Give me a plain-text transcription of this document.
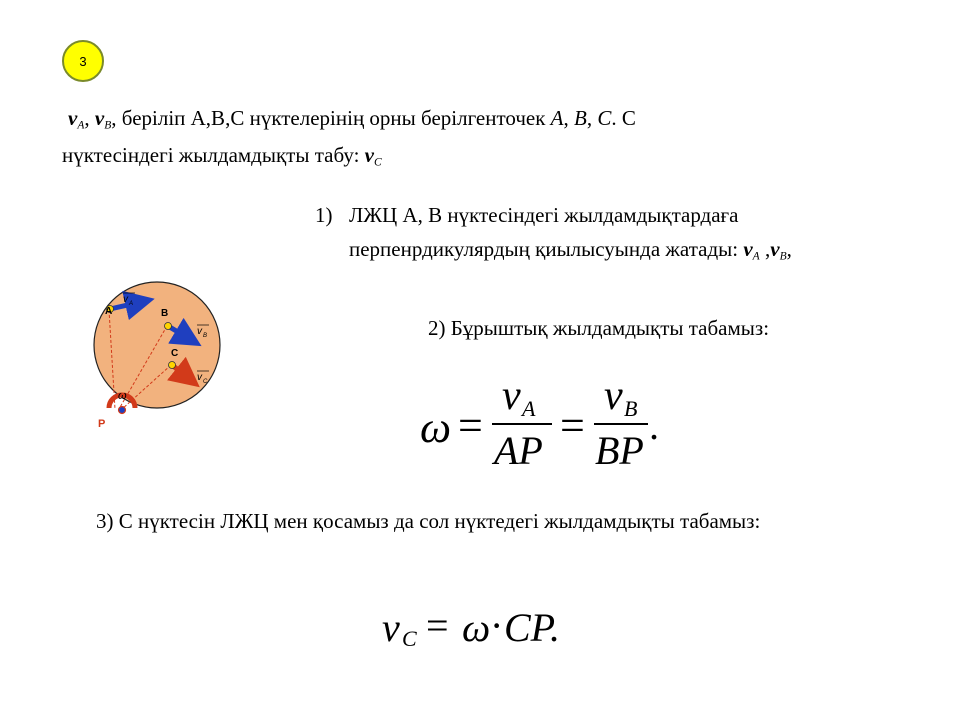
3
$v_A$, $v_B$, беріліп A,B,C нүктелерінің орны берілгенточек A, B, C. C
нүктесіндегі жылдамдықты табу: $v_C$
1) ЛЖЦ А, В нүктесіндегі жылдамдықтардаға
перпенрдикулярдың қиылысуында жатады: $v_A$ $,v_B$,
2) Бұрыштық жылдамдықты табамыз:
ω =
v A
AP
=
v B
BP
.
3) С нүктесін ЛЖЦ мен қосамыз да сол нүктедегі жылдамдықты табамыз:
v C = ω · CP.
A	B
C
P
ω
v A
v B
v C
